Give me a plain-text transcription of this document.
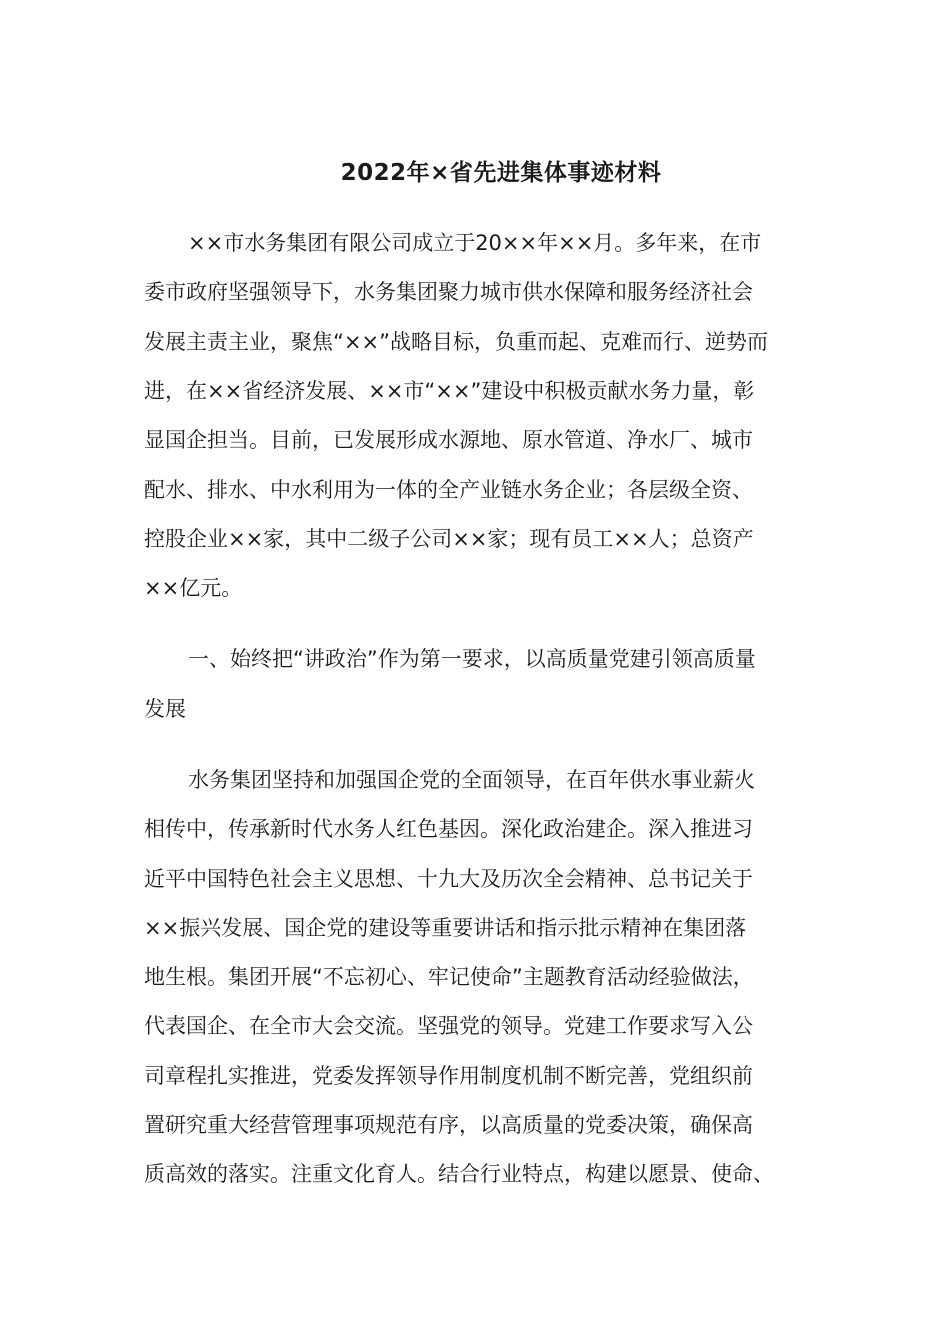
2022年×省先进集体事迹材料
××市水务集团有限公司成立于20××年××月。多年来，在市
委市政府坚强领导下，水务集团聚力城市供水保障和服务经济社会
发展主责主业，聚焦“××”战略目标，负重而起、克难而行、逆势而
进，在××省经济发展、××市“××”建设中积极贡献水务力量，彰
显国企担当。目前，已发展形成水源地、原水管道、净水厂、城市
配水、排水、中水利用为一体的全产业链水务企业；各层级全资、
控股企业××家，其中二级子公司××家；现有员工××人；总资产
××亿元。
一、始终把“讲政治”作为第一要求，以高质量党建引领高质量
发展
水务集团坚持和加强国企党的全面领导，在百年供水事业薪火
相传中，传承新时代水务人红色基因。深化政治建企。深入推进习
近平中国特色社会主义思想、十九大及历次全会精神、总书记关于
××振兴发展、国企党的建设等重要讲话和指示批示精神在集团落
地生根。集团开展“不忘初心、牢记使命”主题教育活动经验做法，
代表国企、在全市大会交流。坚强党的领导。党建工作要求写入公
司章程扎实推进，党委发挥领导作用制度机制不断完善，党组织前
置研究重大经营管理事项规范有序，以高质量的党委决策，确保高
质高效的落实。注重文化育人。结合行业特点，构建以愿景、使命、
